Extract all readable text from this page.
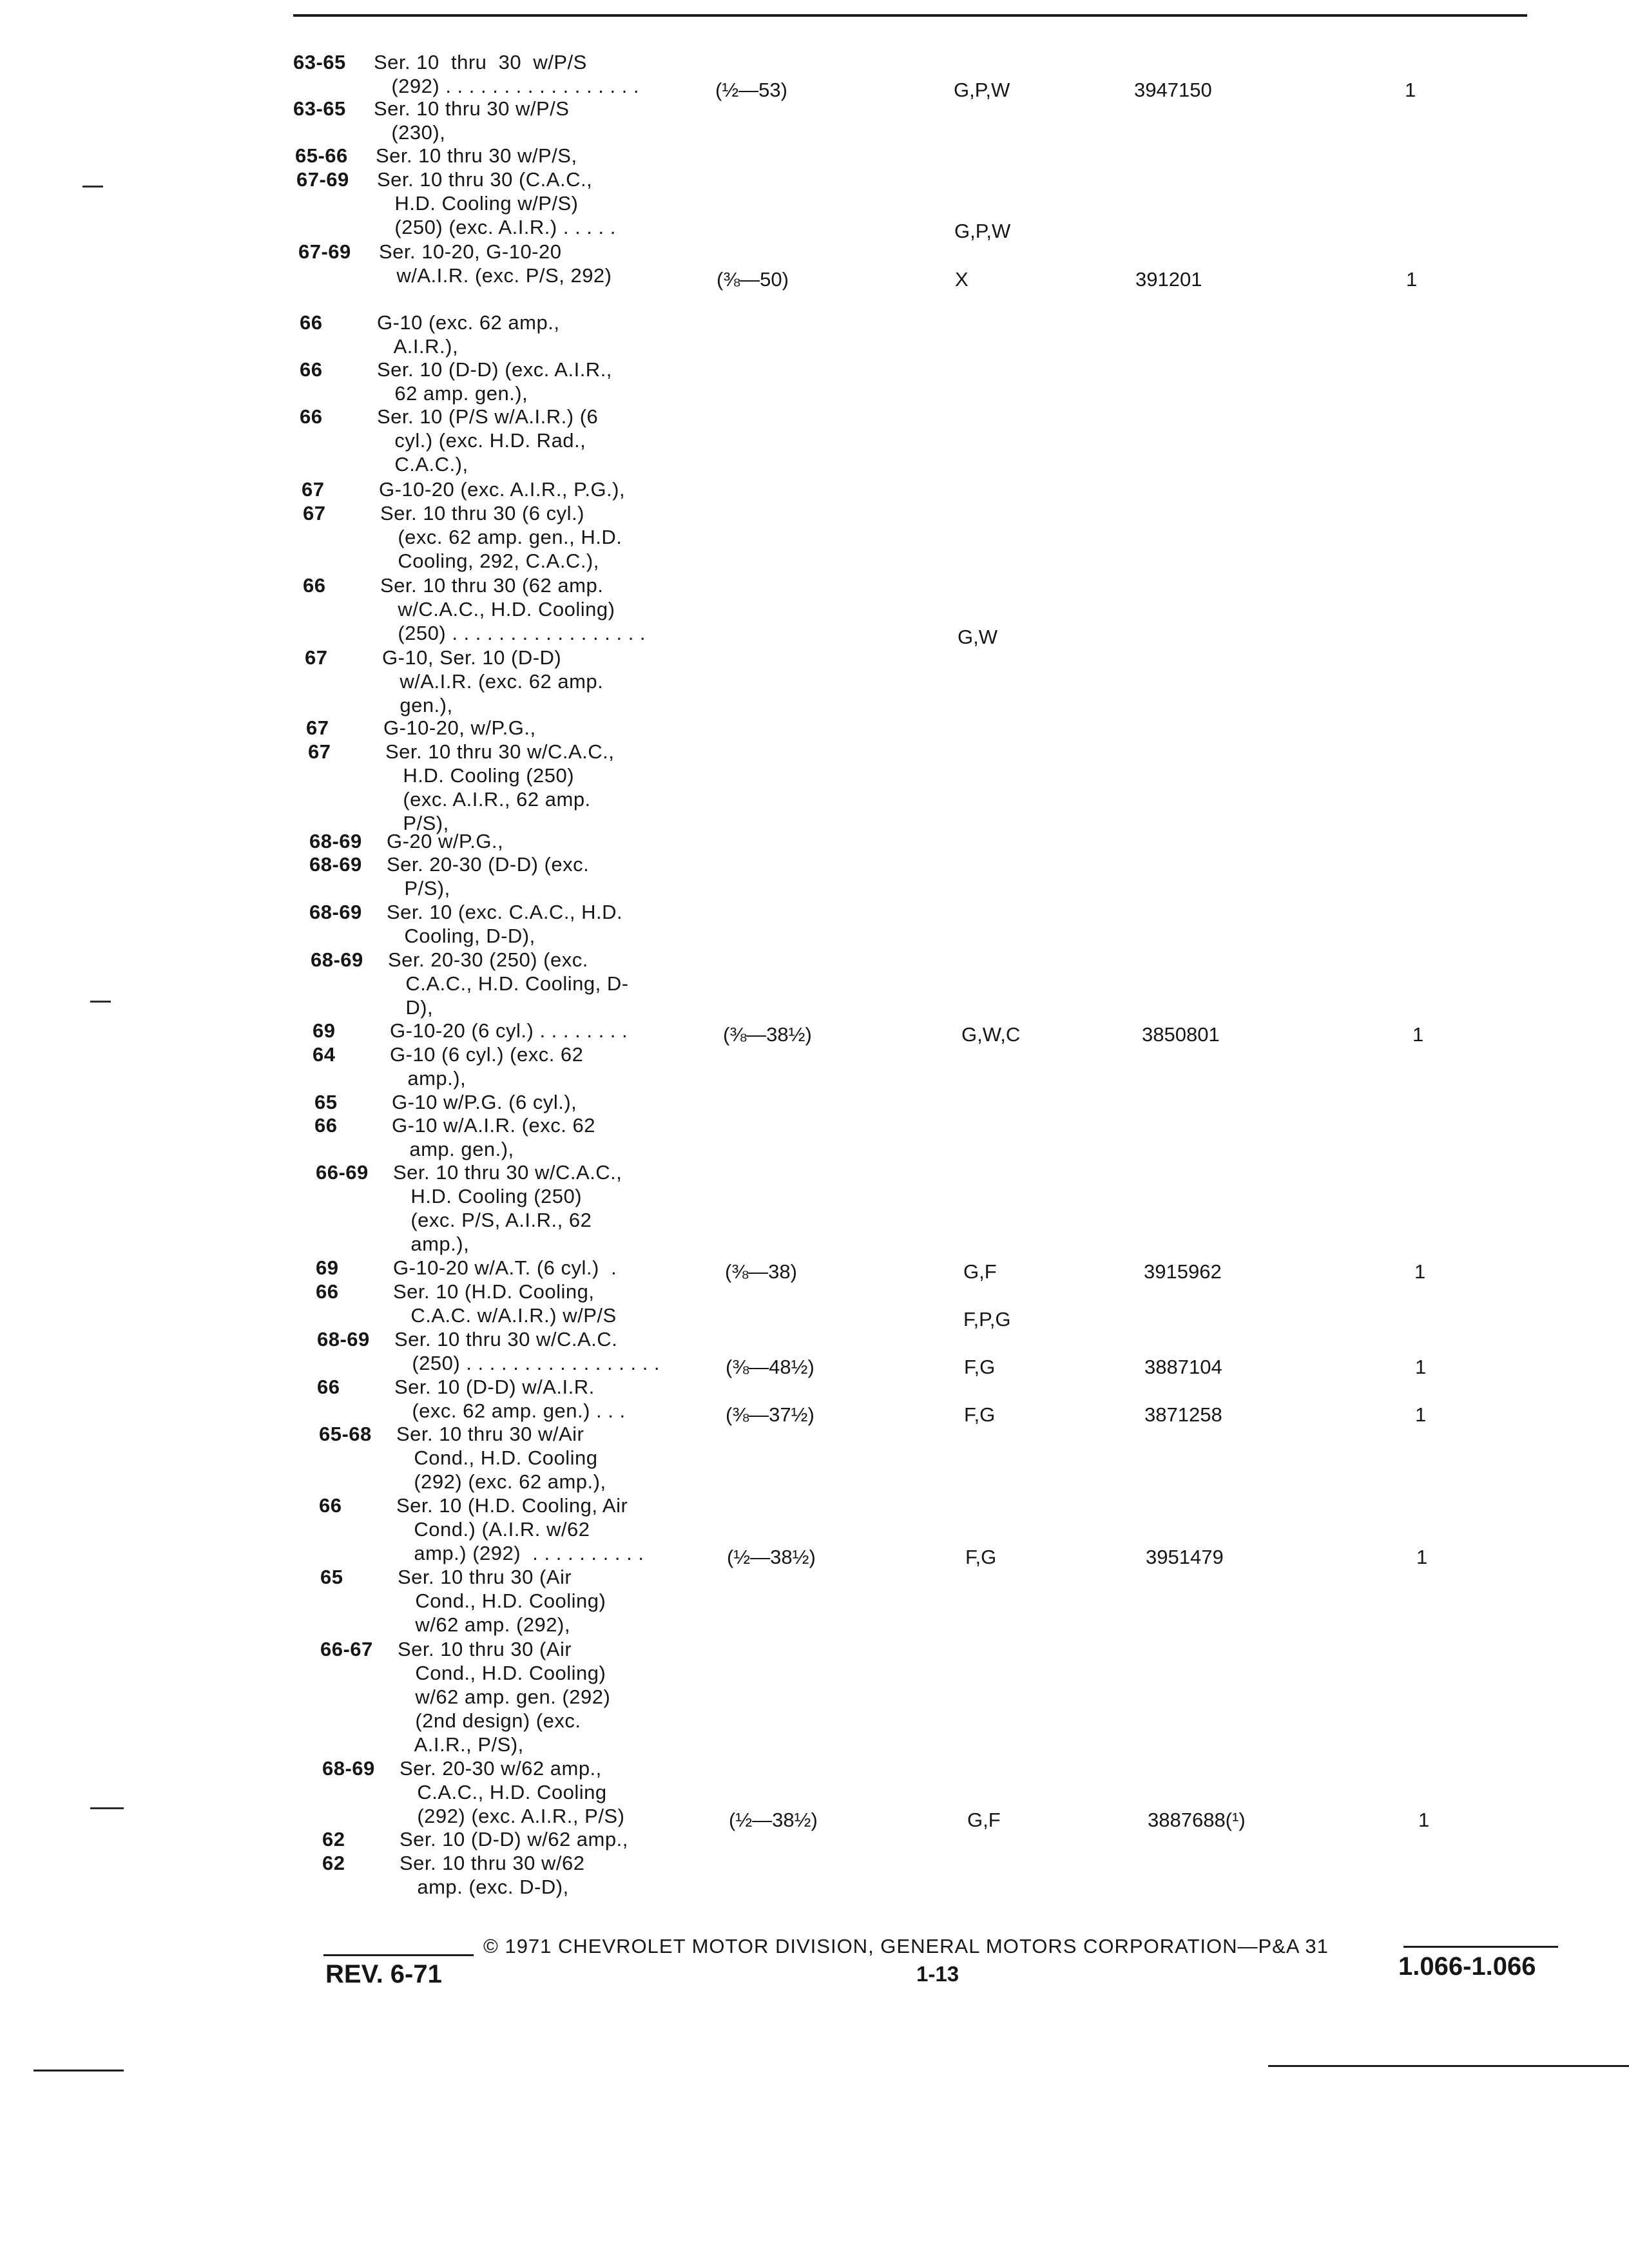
63-65 Ser. 10  thru  30  w/P/S
(292) . . . . . . . . . . . . . . . . .	(½—53)	G,P,W	3947150	1
63-65 Ser. 10 thru 30 w/P/S
(230),
65-66 Ser. 10 thru 30 w/P/S,
67-69 Ser. 10 thru 30 (C.A.C.,
H.D. Cooling w/P/S)
(250) (exc. A.I.R.) . . . . .	G,P,W
67-69 Ser. 10-20, G-10-20
w/A.I.R. (exc. P/S, 292)	(⅜—50)	X	391201	1
66	G-10 (exc. 62 amp.,
A.I.R.),
66	Ser. 10 (D-D) (exc. A.I.R.,
62 amp. gen.),
66	Ser. 10 (P/S w/A.I.R.) (6
cyl.) (exc. H.D. Rad.,
C.A.C.),
67	G-10-20 (exc. A.I.R., P.G.),
67	Ser. 10 thru 30 (6 cyl.)
(exc. 62 amp. gen., H.D.
Cooling, 292, C.A.C.),
66	Ser. 10 thru 30 (62 amp.
w/C.A.C., H.D. Cooling)
(250) . . . . . . . . . . . . . . . . .	G,W
67	G-10, Ser. 10 (D-D)
w/A.I.R. (exc. 62 amp.
gen.),
67	G-10-20, w/P.G.,
67	Ser. 10 thru 30 w/C.A.C.,
H.D. Cooling (250)
(exc. A.I.R., 62 amp.
P/S),
68-69 G-20 w/P.G.,
68-69 Ser. 20-30 (D-D) (exc.
P/S),
68-69 Ser. 10 (exc. C.A.C., H.D.
Cooling, D-D),
68-69 Ser. 20-30 (250) (exc.
C.A.C., H.D. Cooling, D-
D),
69	G-10-20 (6 cyl.) . . . . . . . .	(⅜—38½)	G,W,C	3850801	1
64	G-10 (6 cyl.) (exc. 62
amp.),
65	G-10 w/P.G. (6 cyl.),
66	G-10 w/A.I.R. (exc. 62
amp. gen.),
66-69 Ser. 10 thru 30 w/C.A.C.,
H.D. Cooling (250)
(exc. P/S, A.I.R., 62
amp.),
69	G-10-20 w/A.T. (6 cyl.)  .	(⅜—38)	G,F	3915962	1
66	Ser. 10 (H.D. Cooling,
C.A.C. w/A.I.R.) w/P/S	F,P,G
68-69 Ser. 10 thru 30 w/C.A.C.
(250) . . . . . . . . . . . . . . . . .	(⅜—48½)	F,G	3887104	1
66	Ser. 10 (D-D) w/A.I.R.
(exc. 62 amp. gen.) . . .	(⅜—37½)	F,G	3871258	1
65-68 Ser. 10 thru 30 w/Air
Cond., H.D. Cooling
(292) (exc. 62 amp.),
66	Ser. 10 (H.D. Cooling, Air
Cond.) (A.I.R. w/62
amp.) (292)  . . . . . . . . . .	(½—38½)	F,G	3951479	1
65	Ser. 10 thru 30 (Air
Cond., H.D. Cooling)
w/62 amp. (292),
66-67 Ser. 10 thru 30 (Air
Cond., H.D. Cooling)
w/62 amp. gen. (292)
(2nd design) (exc.
A.I.R., P/S),
68-69 Ser. 20-30 w/62 amp.,
C.A.C., H.D. Cooling
(292) (exc. A.I.R., P/S)	(½—38½)	G,F	3887688(¹)	1
62	Ser. 10 (D-D) w/62 amp.,
62	Ser. 10 thru 30 w/62
amp. (exc. D-D),
© 1971 CHEVROLET MOTOR DIVISION, GENERAL MOTORS CORPORATION—P&A 31
REV. 6-71	1-13	1.066-1.066
